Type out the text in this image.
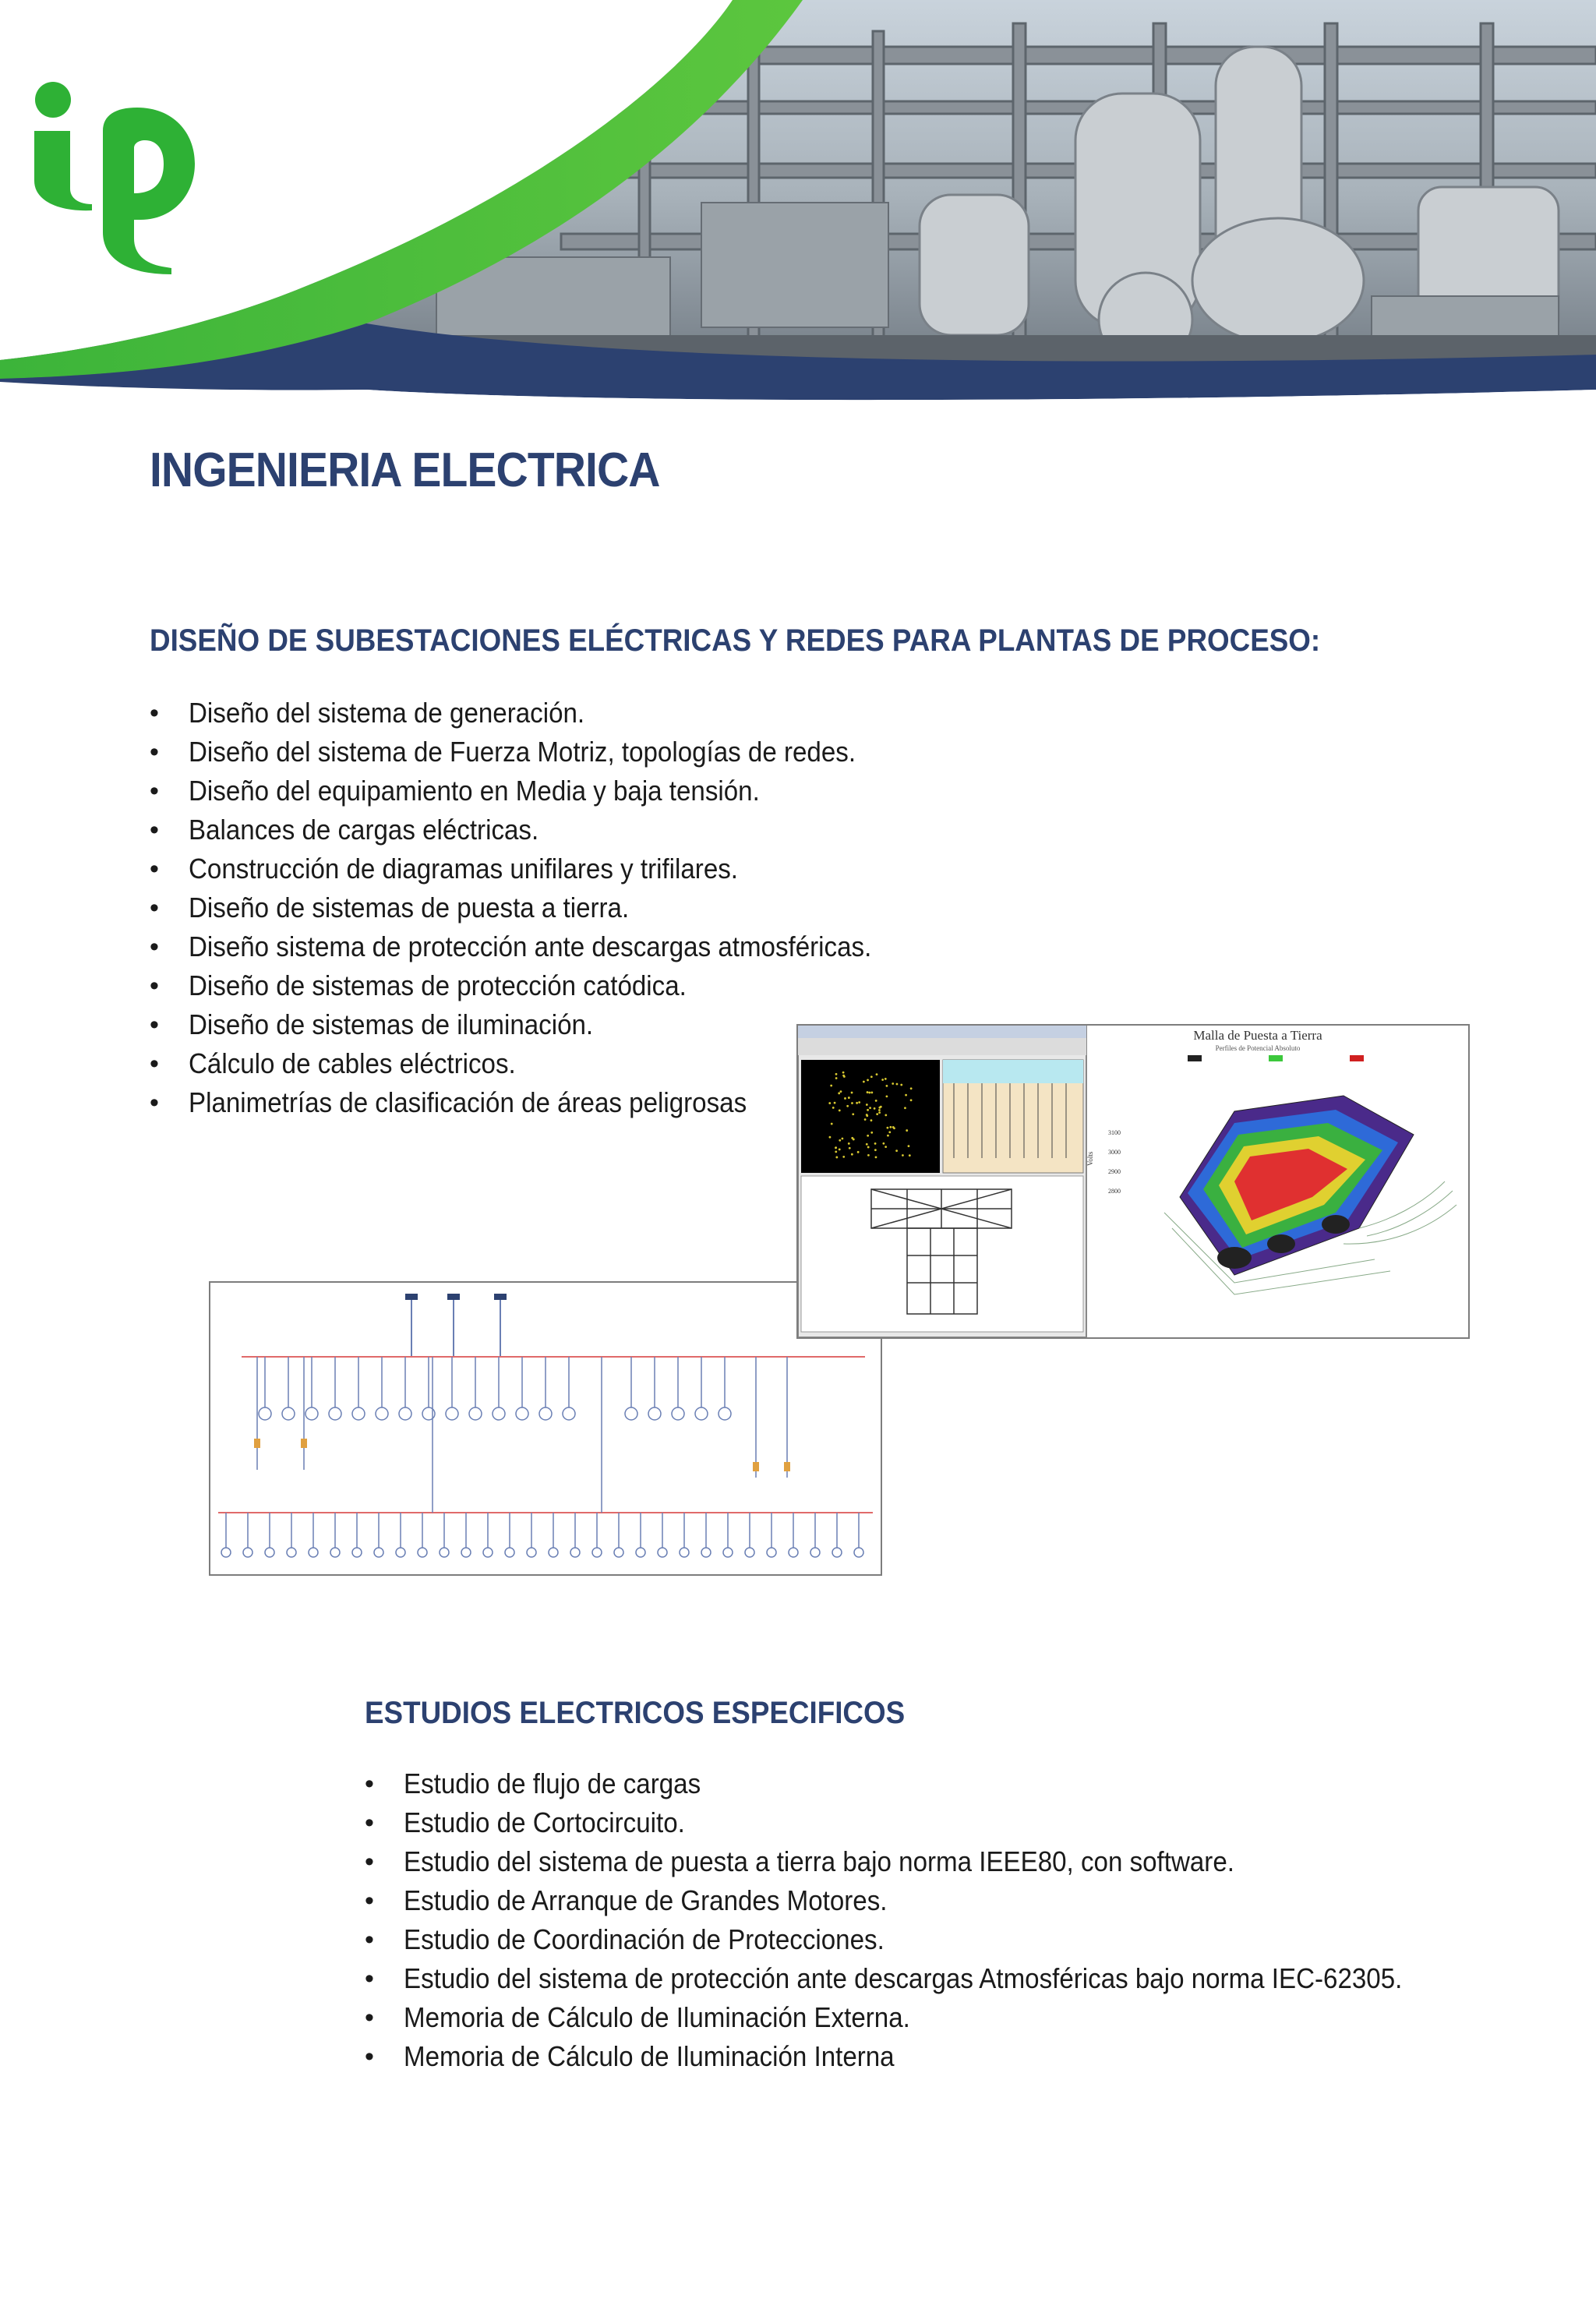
INGENIERIA ELECTRICA
DISEÑO DE SUBESTACIONES ELÉCTRICAS Y REDES PARA PLANTAS DE PROCESO:
•	Diseño del sistema de generación.
•	Diseño del sistema de Fuerza Motriz, topologías de redes.
•	Diseño del equipamiento en Media y baja tensión.
•	Balances de cargas eléctricas.
•	Construcción de diagramas unifilares y trifilares.
•	Diseño de sistemas de puesta a tierra.
•	Diseño sistema de protección ante descargas atmosféricas.
•	Diseño de sistemas de protección catódica.
•	Diseño de sistemas de iluminación.
•	Cálculo de cables eléctricos.
•	Planimetrías de clasificación de áreas peligrosas
Malla de Puesta a Tierra
Perfiles de Potencial Absoluto
3100
3000
2900
2800
Volts
ESTUDIOS ELECTRICOS ESPECIFICOS
•	Estudio de flujo de cargas
•	Estudio de Cortocircuito.
•	Estudio del sistema de puesta a tierra bajo norma IEEE80, con software.
•	Estudio de Arranque de Grandes Motores.
•	Estudio de Coordinación de Protecciones.
•	Estudio del sistema de protección ante descargas Atmosféricas bajo norma IEC-62305.
•	Memoria de Cálculo de Iluminación Externa.
•	Memoria de Cálculo de Iluminación Interna
